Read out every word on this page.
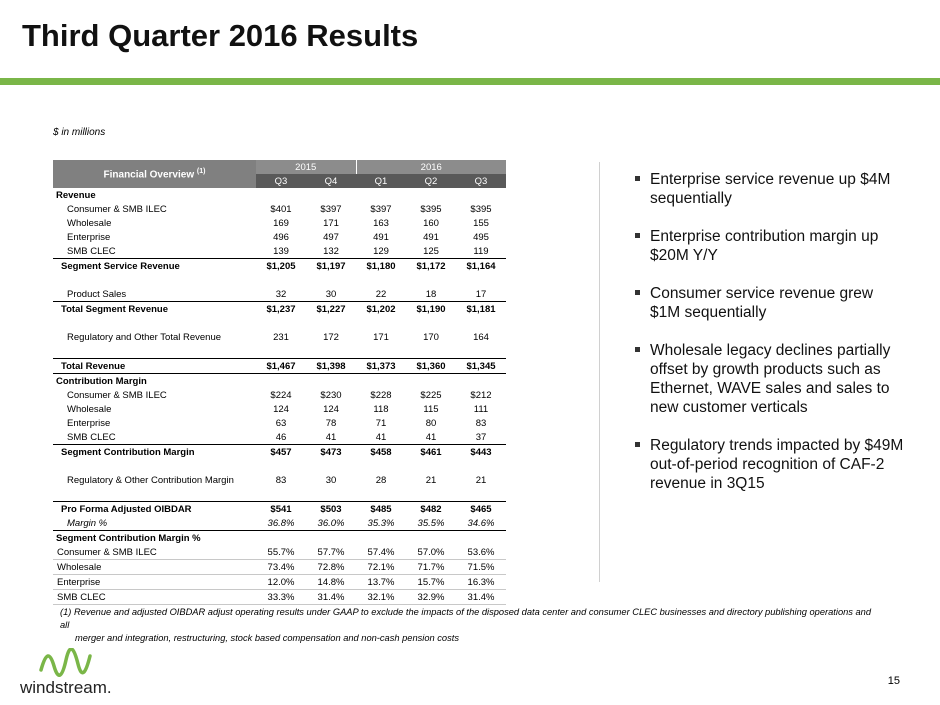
Third Quarter 2016 Results
$ in millions
Financial Overview $^{(1)}$	2015		2016		
	Q3	Q4	Q1	Q2	Q3
Revenue					
Consumer & SMB ILEC	$401	$397	$397	$395	$395
Wholesale	169	171	163	160	155
Enterprise	496	497	491	491	495
SMB CLEC	139	132	129	125	119
Segment Service Revenue	$1,205	$1,197	$1,180	$1,172	$1,164

Product Sales	32	30	22	18	17
Total Segment Revenue	$1,237	$1,227	$1,202	$1,190	$1,181

Regulatory and Other Total Revenue	231	172	171	170	164

Total Revenue	$1,467	$1,398	$1,373	$1,360	$1,345
Contribution Margin					
Consumer & SMB ILEC	$224	$230	$228	$225	$212
Wholesale	124	124	118	115	111
Enterprise	63	78	71	80	83
SMB CLEC	46	41	41	41	37
Segment Contribution Margin	$457	$473	$458	$461	$443

Regulatory & Other Contribution Margin	83	30	28	21	21

Pro Forma Adjusted OIBDAR	$541	$503	$485	$482	$465
Margin %	36.8%	36.0%	35.3%	35.5%	34.6%
Segment Contribution Margin %					
Consumer & SMB ILEC	55.7%	57.7%	57.4%	57.0%	53.6%
Wholesale	73.4%	72.8%	72.1%	71.7%	71.5%
Enterprise	12.0%	14.8%	13.7%	15.7%	16.3%
SMB CLEC	33.3%	31.4%	32.1%	32.9%	31.4%
Enterprise service revenue up $4M sequentially
Enterprise contribution margin up $20M Y/Y
Consumer service revenue grew $1M sequentially
Wholesale legacy declines partially offset by growth products such as Ethernet, WAVE sales and sales to new customer verticals
Regulatory trends impacted by $49M out-of-period recognition of CAF-2 revenue in 3Q15
(1) Revenue and adjusted OIBDAR adjust operating results under GAAP to exclude the impacts of the disposed data center and consumer CLEC businesses and directory publishing operations and all
merger and integration, restructuring, stock based compensation and non-cash pension costs
windstream.	15
